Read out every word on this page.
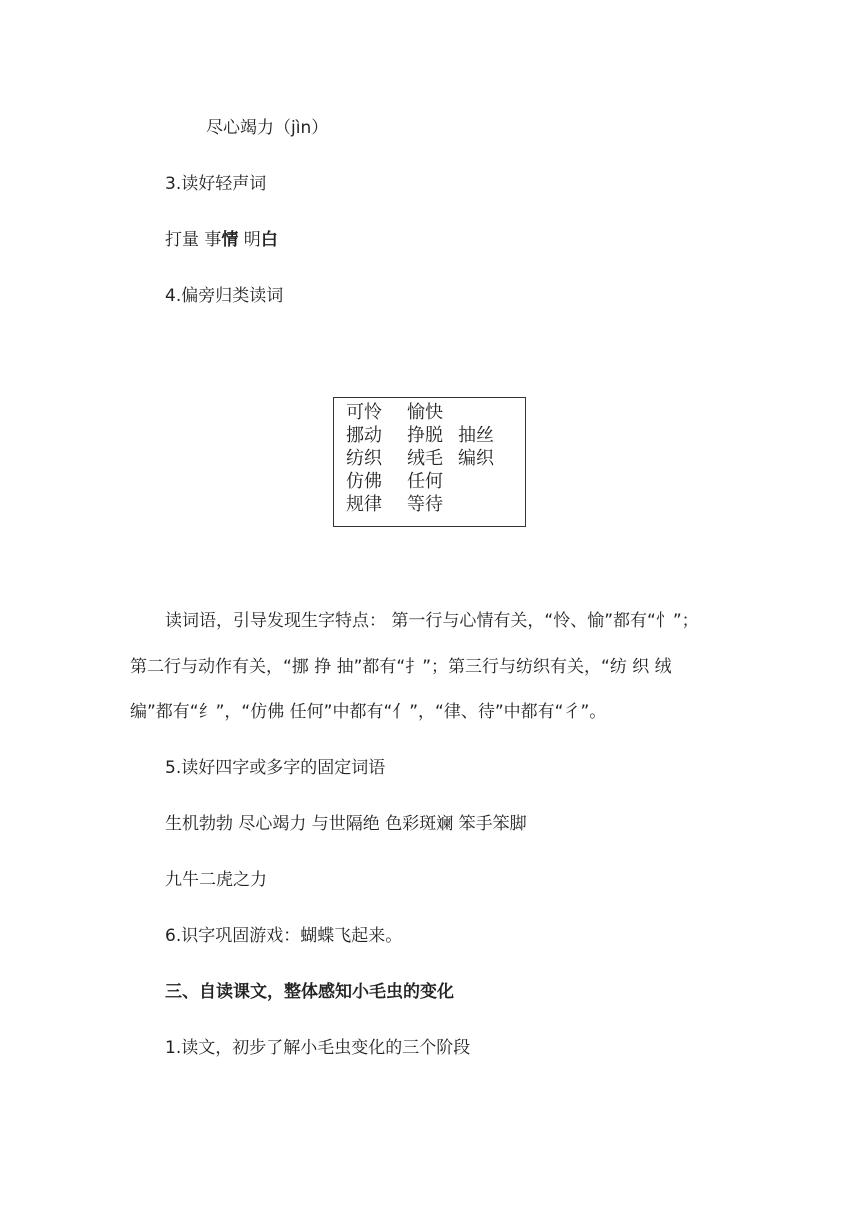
尽心竭力（jìn）
3.读好轻声词
打量 事情 明白
4.偏旁归类读词
可怜 愉快
挪动 挣脱 抽丝
纺织 绒毛 编织
仿佛 任何
规律 等待
读词语，引导发现生字特点： 第一行与心情有关，“怜、愉”都有“忄”；
第二行与动作有关，“挪 挣 抽”都有“扌”；第三行与纺织有关，“纺 织 绒
编”都有“纟”，“仿佛 任何”中都有“亻”，“律、待”中都有“彳”。
5.读好四字或多字的固定词语
生机勃勃 尽心竭力 与世隔绝 色彩斑斓 笨手笨脚
九牛二虎之力
6.识字巩固游戏：蝴蝶飞起来。
三、自读课文，整体感知小毛虫的变化
1.读文，初步了解小毛虫变化的三个阶段
